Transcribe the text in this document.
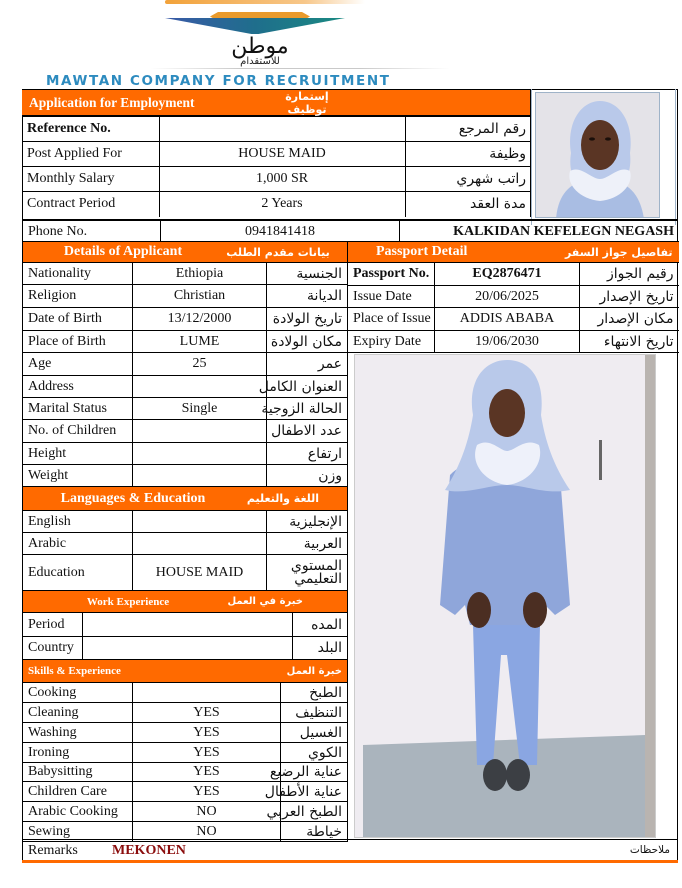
موطن
للاستقدام
MAWTAN COMPANY FOR RECRUITMENT
Application for Employment	إستمارة توظيف
Reference No.		رقم المرجع
Post Applied For	HOUSE MAID	وظيفة
Monthly Salary	1,000 SR	راتب شهري
Contract Period	2 Years	مدة العقد
Phone No.	0941841418	KALKIDAN KEFELEGN NEGASH
Details of Applicant بيانات مقدم الطلب		

Nationality	Ethiopia	الجنسية
Religion	Christian	الديانة
Date of Birth	13/12/2000	تاريخ الولادة
Place of Birth	LUME	مكان الولادة
Age	25	عمر
Address		العنوان الكامل
Marital Status	Single	الحالة الزوجية
No. of Children		عدد الاطفال
Height		ارتفاع
Weight		وزن

Languages & Education اللغة والتعليم		

English		الإنجليزية
Arabic		العربية
Education	HOUSE MAID	المستوي التعليمي
Work Experience خبرة في العمل		

Period		المده
Country		البلد
Skills & Experience خبرة العمل		

Cooking		الطبخ
Cleaning	YES	التنظيف
Washing	YES	الغسيل
Ironing	YES	الكوي
Babysitting	YES	عناية الرضيع
Children Care	YES	عناية الأطفال
Arabic Cooking	NO	الطبخ العربي
Sewing	NO	خياطة
Passport Detail تفاصيل جواز السفر		

Passport No.	EQ2876471	رقيم الجواز
Issue Date	20/06/2025	تاريخ الإصدار
Place of Issue	ADDIS ABABA	مكان الإصدار
Expiry Date	19/06/2030	تاريخ الانتهاء
Remarks MEKONEN	ملاحظات
